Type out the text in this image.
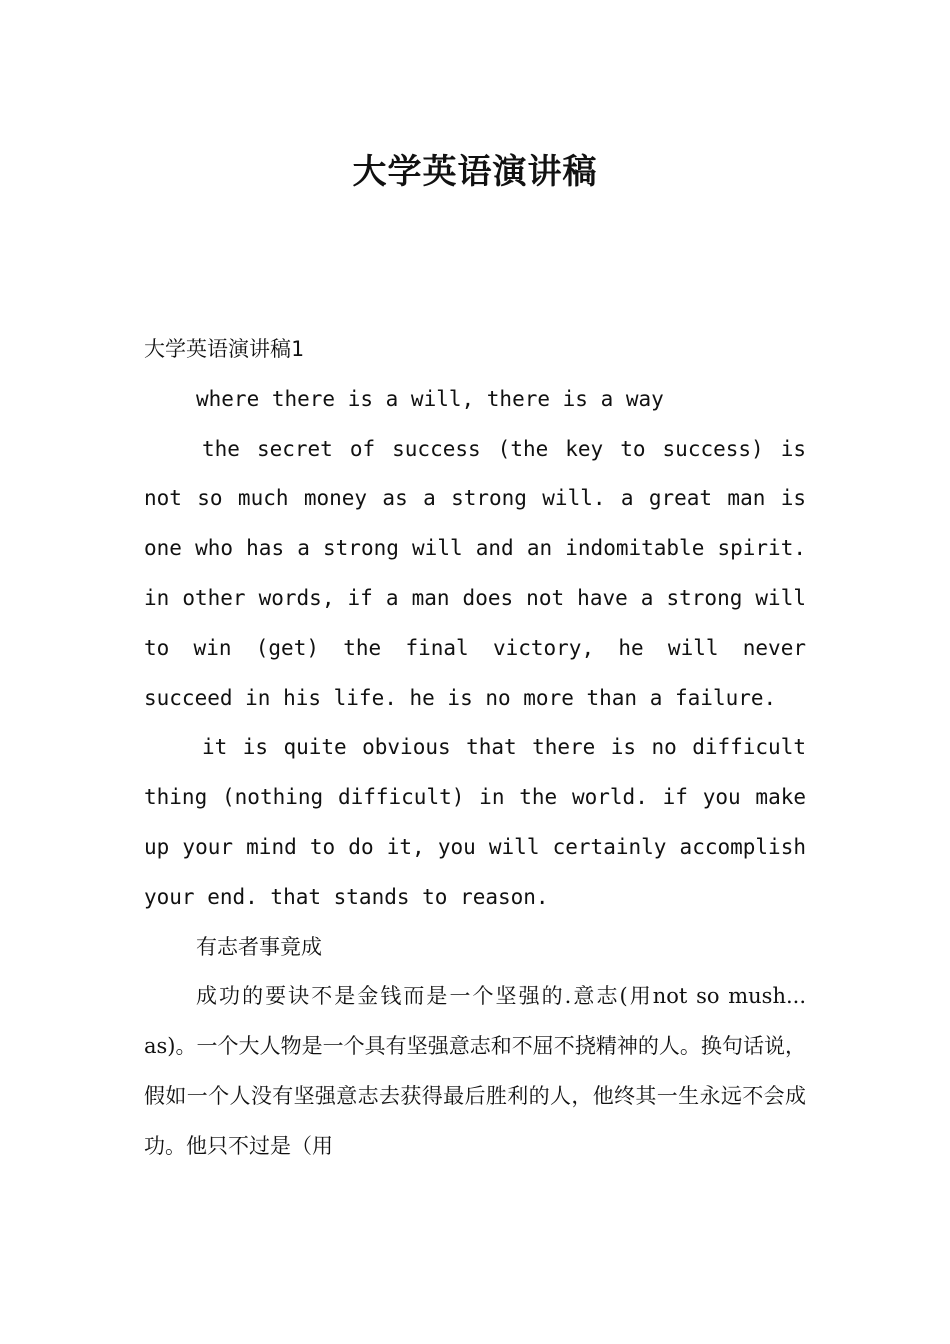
大学英语演讲稿

大学英语演讲稿1

where there is a will, there is a way

the secret of success (the key to success) is not so much money as a strong will. a great man is one who has a strong will and an indomitable spirit. in other words, if a man does not have a strong will to win (get) the final victory, he will never succeed in his life. he is no more than a failure.

it is quite obvious that there is no difficult thing (nothing difficult) in the world. if you make up your mind to do it, you will certainly accomplish your end. that stands to reason.

有志者事竟成

成功的要诀不是金钱而是一个坚强的.意志(用not so mush... as)。一个大人物是一个具有坚强意志和不屈不挠精神的人。换句话说，假如一个人没有坚强意志去获得最后胜利的人，他终其一生永远不会成功。他只不过是（用
